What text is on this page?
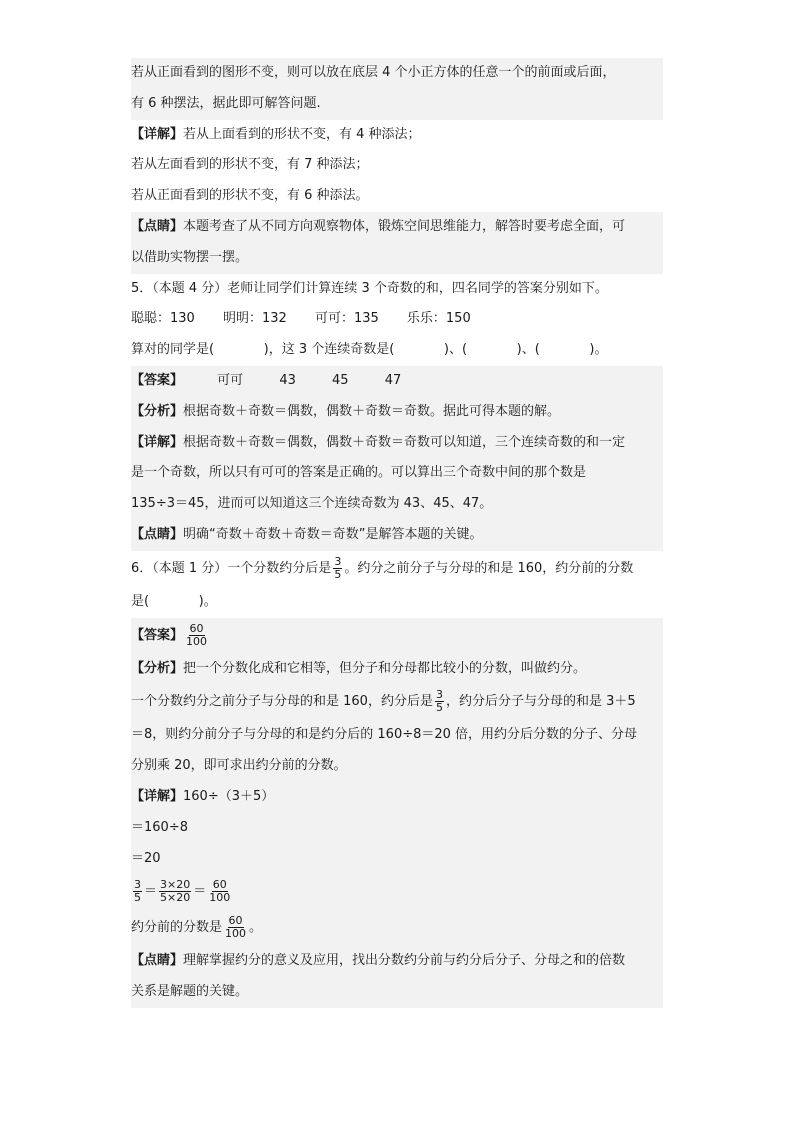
若从正面看到的图形不变，则可以放在底层 4 个小正方体的任意一个的前面或后面，
有 6 种摆法，据此即可解答问题.
【详解】若从上面看到的形状不变，有 4 种添法；
若从左面看到的形状不变，有 7 种添法；
若从正面看到的形状不变，有 6 种添法。
【点睛】本题考查了从不同方向观察物体，锻炼空间思维能力，解答时要考虑全面，可
以借助实物摆一摆。
5．（本题 4 分）老师让同学们计算连续 3 个奇数的和，四名同学的答案分别如下。
聪聪：130 明明：132 可可：135 乐乐：150
算对的同学是(            )，这 3 个连续奇数是(            )、(            )、(            )。
【答案】	可可	43	45	47
【分析】根据奇数＋奇数＝偶数，偶数＋奇数＝奇数。据此可得本题的解。
【详解】根据奇数＋奇数＝偶数，偶数＋奇数＝奇数可以知道，三个连续奇数的和一定
是一个奇数，所以只有可可的答案是正确的。可以算出三个奇数中间的那个数是
135÷3＝45，进而可以知道这三个连续奇数为 43、45、47。
【点睛】明确“奇数＋奇数＋奇数＝奇数”是解答本题的关键。
6．（本题 1 分）一个分数约分后是 $\frac{3}{5}$ 。约分之前分子与分母的和是 160，约分前的分数
是(            )。
【答案】 $\frac{60}{100}$
【分析】把一个分数化成和它相等，但分子和分母都比较小的分数，叫做约分。
一个分数约分之前分子与分母的和是 160，约分后是 $\frac{3}{5}$ ，约分后分子与分母的和是 3＋5
＝8，则约分前分子与分母的和是约分后的 160÷8＝20 倍，用约分后分数的分子、分母
分别乘 20，即可求出约分前的分数。
【详解】160÷（3＋5）
＝160÷8
＝20
$\frac{3}{5} = \frac{3\times 20}{5\times 20} = \frac{60}{100}$
约分前的分数是 $\frac{60}{100}$ 。
【点睛】理解掌握约分的意义及应用，找出分数约分前与约分后分子、分母之和的倍数
关系是解题的关键。
